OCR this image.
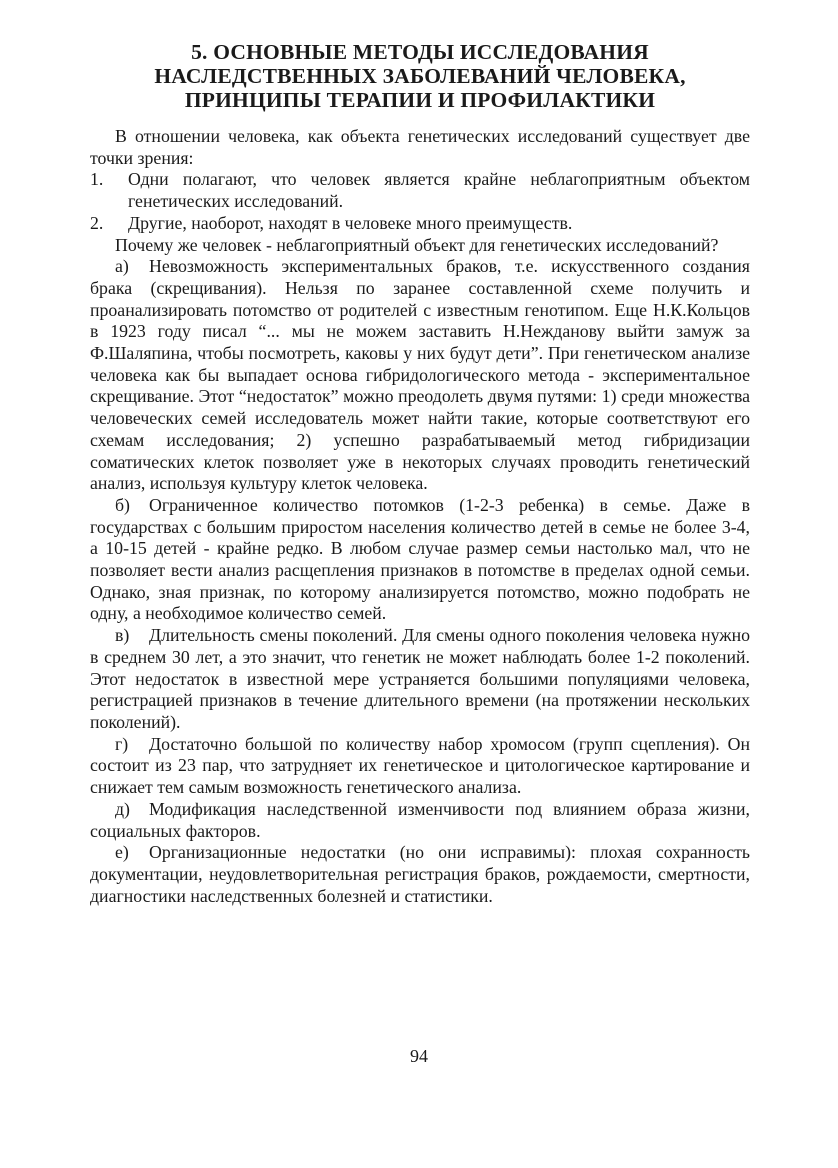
5. ОСНОВНЫЕ МЕТОДЫ ИССЛЕДОВАНИЯ
НАСЛЕДСТВЕННЫХ ЗАБОЛЕВАНИЙ ЧЕЛОВЕКА,
ПРИНЦИПЫ ТЕРАПИИ И ПРОФИЛАКТИКИ

В отношении человека, как объекта генетических исследований существует две точки зрения:

1. Одни полагают, что человек является крайне неблагоприятным объектом генетических исследований.

2. Другие, наоборот, находят в человеке много преимуществ.

Почему же человек - неблагоприятный объект для генетических исследований?

а) Невозможность экспериментальных браков, т.е. искусственного создания брака (скрещивания). Нельзя по заранее составленной схеме получить и проанализировать потомство от родителей с известным генотипом. Еще Н.К.Кольцов в 1923 году писал “... мы не можем заставить Н.Нежданову выйти замуж за Ф.Шаляпина, чтобы посмотреть, каковы у них будут дети”. При генетическом анализе человека как бы выпадает основа гибридологического метода - экспериментальное скрещивание. Этот “недостаток” можно преодолеть двумя путями: 1) среди множества человеческих семей исследователь может найти такие, которые соответствуют его схемам исследования; 2) успешно разрабатываемый метод гибридизации соматических клеток позволяет уже в некоторых случаях проводить генетический анализ, используя культуру клеток человека.

б) Ограниченное количество потомков (1-2-3 ребенка) в семье. Даже в государствах с большим приростом населения количество детей в семье не более 3-4, а 10-15 детей - крайне редко. В любом случае размер семьи настолько мал, что не позволяет вести анализ расщепления признаков в потомстве в пределах одной семьи. Однако, зная признак, по которому анализируется потомство, можно подобрать не одну, а необходимое количество семей.

в) Длительность смены поколений. Для смены одного поколения человека нужно в среднем 30 лет, а это значит, что генетик не может наблюдать более 1-2 поколений. Этот недостаток в известной мере устраняется большими популяциями человека, регистрацией признаков в течение длительного времени (на протяжении нескольких поколений).

г) Достаточно большой по количеству набор хромосом (групп сцепления). Он состоит из 23 пар, что затрудняет их генетическое и цитологическое картирование и снижает тем самым возможность генетического анализа.

д) Модификация наследственной изменчивости под влиянием образа жизни, социальных факторов.

е) Организационные недостатки (но они исправимы): плохая сохранность документации, неудовлетворительная регистрация браков, рождаемости, смертности, диагностики наследственных болезней и статистики.

94
